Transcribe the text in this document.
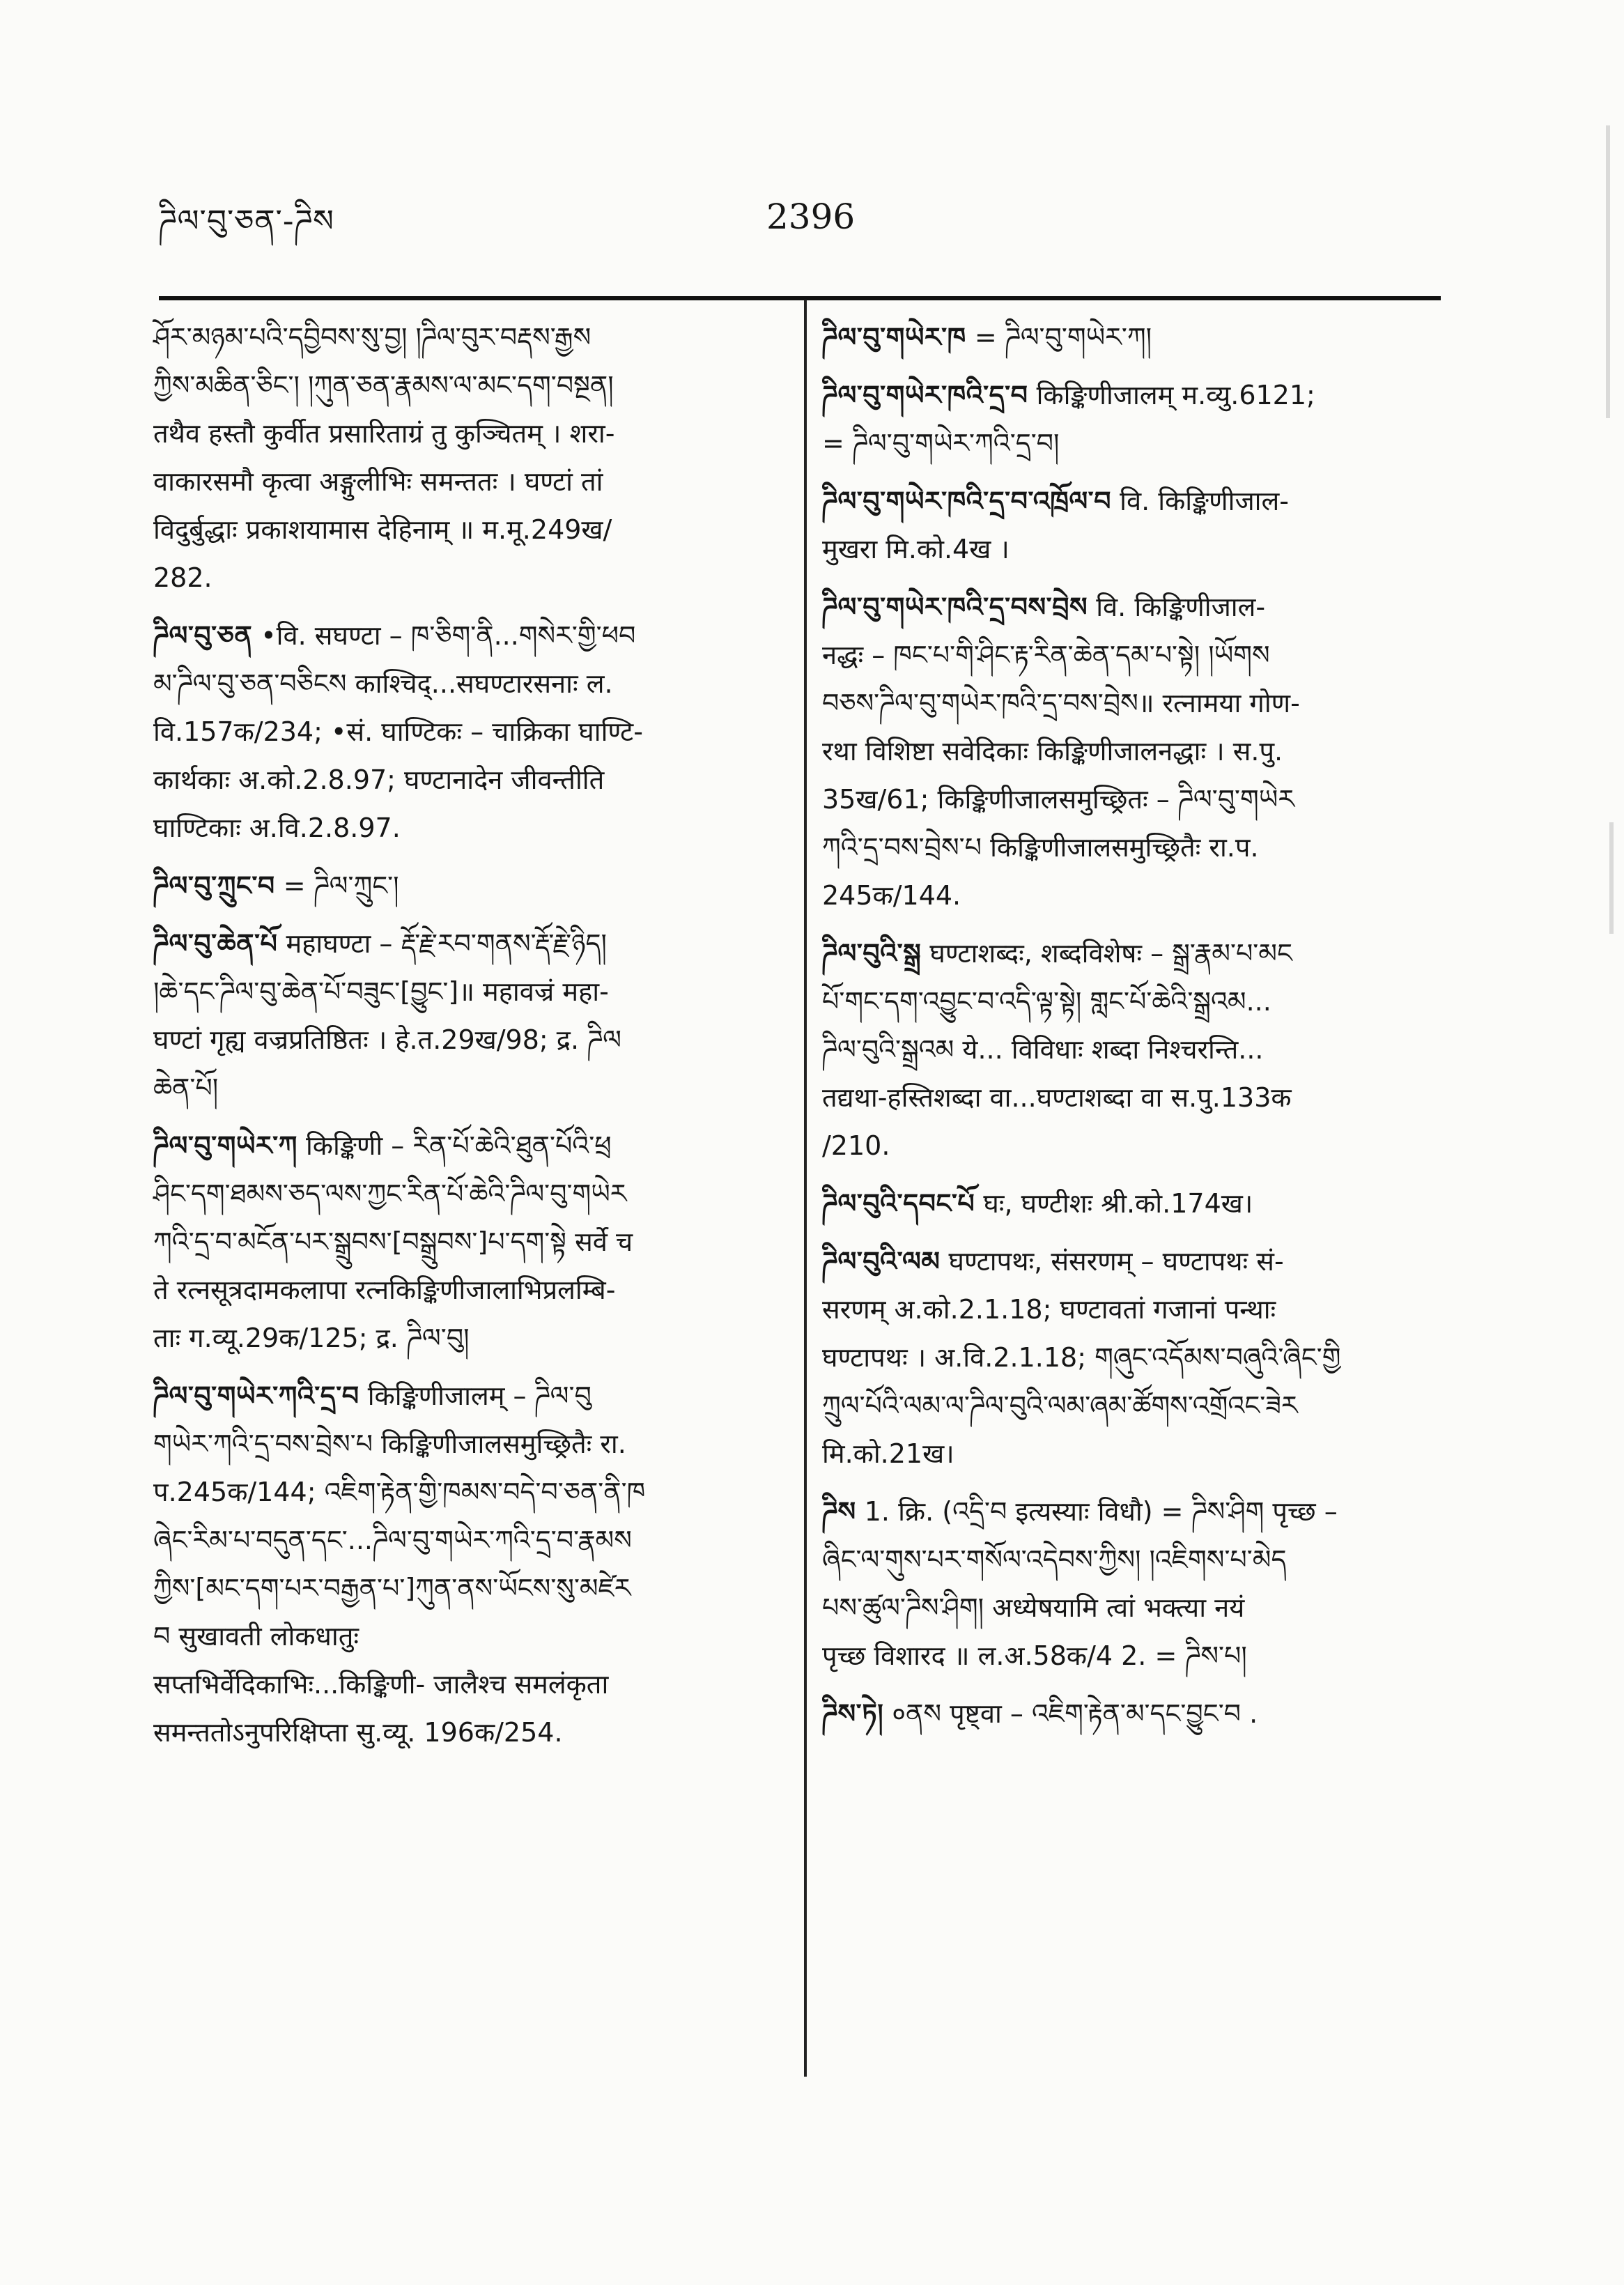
ཌིལ་བུ་ཅན་-ཌིས	2396
ཤོར་མཉམ་པའི་དབྱིབས་སུ་བྱ། །ཌིལ་བུར་བརྡས་རྒྱས
ཀྱིས་མཆིན་ཅིང་། །ཀུན་ཅན་རྣམས་ལ་མང་དག་བསྔན།
तथैव हस्तौ कुर्वीत प्रसारिताग्रं तु कुञ्चितम् । शरा-
वाकारसमौ कृत्वा अङ्गुलीभिः समन्ततः । घण्टां तां
विदुर्बुद्धाः प्रकाशयामास देहिनाम् ॥ म.मू.249ख/
282.
ཌིལ་བུ་ཅན •वि. सघण्टा – ཁ་ཅིག་ནི...གསེར་གྱི་ཕབ
མ་ཌིལ་བུ་ཅན་བཅིངས काश्चिद्...सघण्टारसनाः ल.
वि.157क/234; •सं. घाण्टिकः – चाक्रिका घाण्टि-
कार्थकाः अ.को.2.8.97; घण्टानादेन जीवन्तीति
घाण्टिकाः अ.वि.2.8.97.
ཌིལ་བུ་ཀྲུང་བ = ཌིལ་ཀྲུང་།
ཌིལ་བུ་ཆེན་པོ महाघण्टा – རྡོ་རྗེ་རབ་གནས་རྡོ་རྗེ་ཉིད།
།ཆེ་དང་ཌིལ་བུ་ཆེན་པོ་བཟུང་[བྱུང་]॥ महावज्रं महा-
घण्टां गृह्य वज्रप्रतिष्ठितः । हे.त.29ख/98; द्र. ཌིལ
ཆེན་པོ།
ཌིལ་བུ་གཡེར་ཀ किङ्किणी – རིན་པོ་ཆེའི་ཐུན་པོའི་ཕྲ
ཤིང་དག་ཐམས་ཅད་ལས་ཀྱང་རིན་པོ་ཆེའི་ཌིལ་བུ་གཡེར
ཀའི་དྲ་བ་མངོན་པར་སྒྲུབས་[བསྒྲུབས་]པ་དག་སྟེ सर्वे च
ते रत्नसूत्रदामकलापा रत्नकिङ्किणीजालाभिप्रलम्बि-
ताः ग.व्यू.29क/125; द्र. ཌིལ་བུ།
ཌིལ་བུ་གཡེར་ཀའི་དྲ་བ किङ्किणीजालम् – ཌིལ་བུ
གཡེར་ཀའི་དྲ་བས་བྲེས་པ किङ्किणीजालसमुच्छ्रितैः रा.
प.245क/144; འཇིག་རྟེན་གྱི་ཁམས་བདེ་བ་ཅན་ནི་ཁ
ཞེང་རིམ་པ་བདུན་དང་...ཌིལ་བུ་གཡེར་ཀའི་དྲ་བ་རྣམས
ཀྱིས་[མང་དག་པར་བརྒྱན་པ་]ཀུན་ནས་ཡོངས་སུ་མཛེར
བ सुखावती लोकधातुः
सप्तभिर्वेदिकाभिः...किङ्किणी- जालैश्च समलंकृता
समन्ततोऽनुपरिक्षिप्ता सु.व्यू. 196क/254.
ཌིལ་བུ་གཡེར་ཁ = ཌིལ་བུ་གཡེར་ཀ།
ཌིལ་བུ་གཡེར་ཁའི་དྲ་བ किङ्किणीजालम् म.व्यु.6121;
= ཌིལ་བུ་གཡེར་ཀའི་དྲ་བ།
ཌིལ་བུ་གཡེར་ཁའི་དྲ་བ་འཁྲོལ་བ वि. किङ्किणीजाल-
मुखरा मि.को.4ख ।
ཌིལ་བུ་གཡེར་ཁའི་དྲ་བས་བྲེས वि. किङ्किणीजाल-
नद्धः – ཁང་པ་གི་ཤིང་རྟ་རིན་ཆེན་དམ་པ་སྟེ། །ཡོགས
བཅས་ཌིལ་བུ་གཡེར་ཁའི་དྲ་བས་བྲེས॥ रत्नामया गोण-
रथा विशिष्टा सवेदिकाः किङ्किणीजालनद्धाः । स.पु.
35ख/61; किङ्किणीजालसमुच्छ्रितः – ཌིལ་བུ་གཡེར
ཀའི་དྲ་བས་བྲེས་པ किङ्किणीजालसमुच्छ्रितैः रा.प.
245क/144.
ཌིལ་བུའི་སྒྲ घण्टाशब्दः, शब्दविशेषः – སྒྲ་རྣམ་པ་མང
པོ་གང་དག་འབྱུང་བ་འདི་ལྟ་སྟེ། གླང་པོ་ཆེའི་སྒྲའམ...
ཌིལ་བུའི་སྒྲའམ ये... विविधाः शब्दा निश्चरन्ति...
तद्यथा-हस्तिशब्दा वा...घण्टाशब्दा वा स.पु.133क
/210.
ཌིལ་བུའི་དབང་པོ घः, घण्टीशः श्री.को.174ख।
ཌིལ་བུའི་ལམ घण्टापथः, संसरणम् – घण्टापथः सं-
सरणम् अ.को.2.1.18; घण्टावतां गजानां पन्थाः
घण्टापथः । अ.वि.2.1.18; གཞུང་འདོམས་བཞུའི་ཞིང་གྱི
ཀྲུལ་པོའི་ལམ་ལ་ཌིལ་བུའི་ལམ་ཞམ་ཚོགས་འགྲོའང་ཟེར
मि.को.21ख।
ཌིས 1. क्रि. (འདྲི་བ इत्यस्याः विधौ) = ཌིས་ཤིག पृच्छ –
ཞིང་ལ་གུས་པར་གསོལ་འདེབས་ཀྱིས། །འཇིགས་པ་མེད
པས་ཚུལ་ཌིས་ཤིག། अध्येषयामि त्वां भक्त्या नयं
पृच्छ विशारद ॥ ल.अ.58क/4 2. = ཌིས་པ།
ཌིས་ཏེ། ०ནས पृष्ट्वा – འཇིག་རྟེན་མ་དང་བྱུང་བ .
